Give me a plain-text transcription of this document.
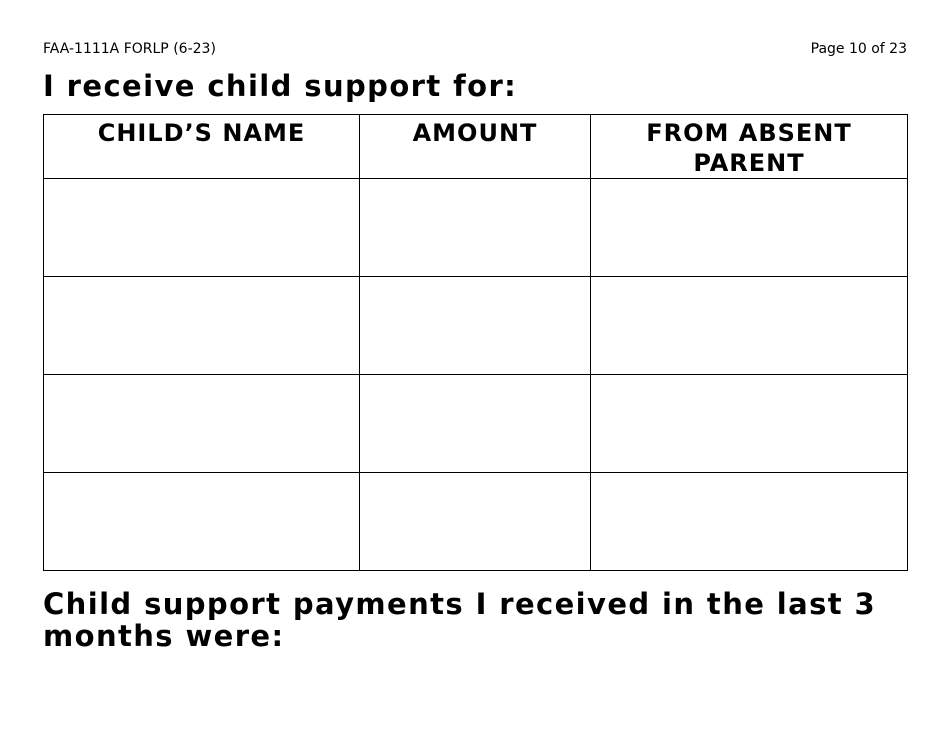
FAA-1111A FORLP (6-23)	Page 10 of 23
I receive child support for:
CHILD’S NAME	AMOUNT	FROM ABSENT PARENT

Child support payments I received in the last 3 months were:
